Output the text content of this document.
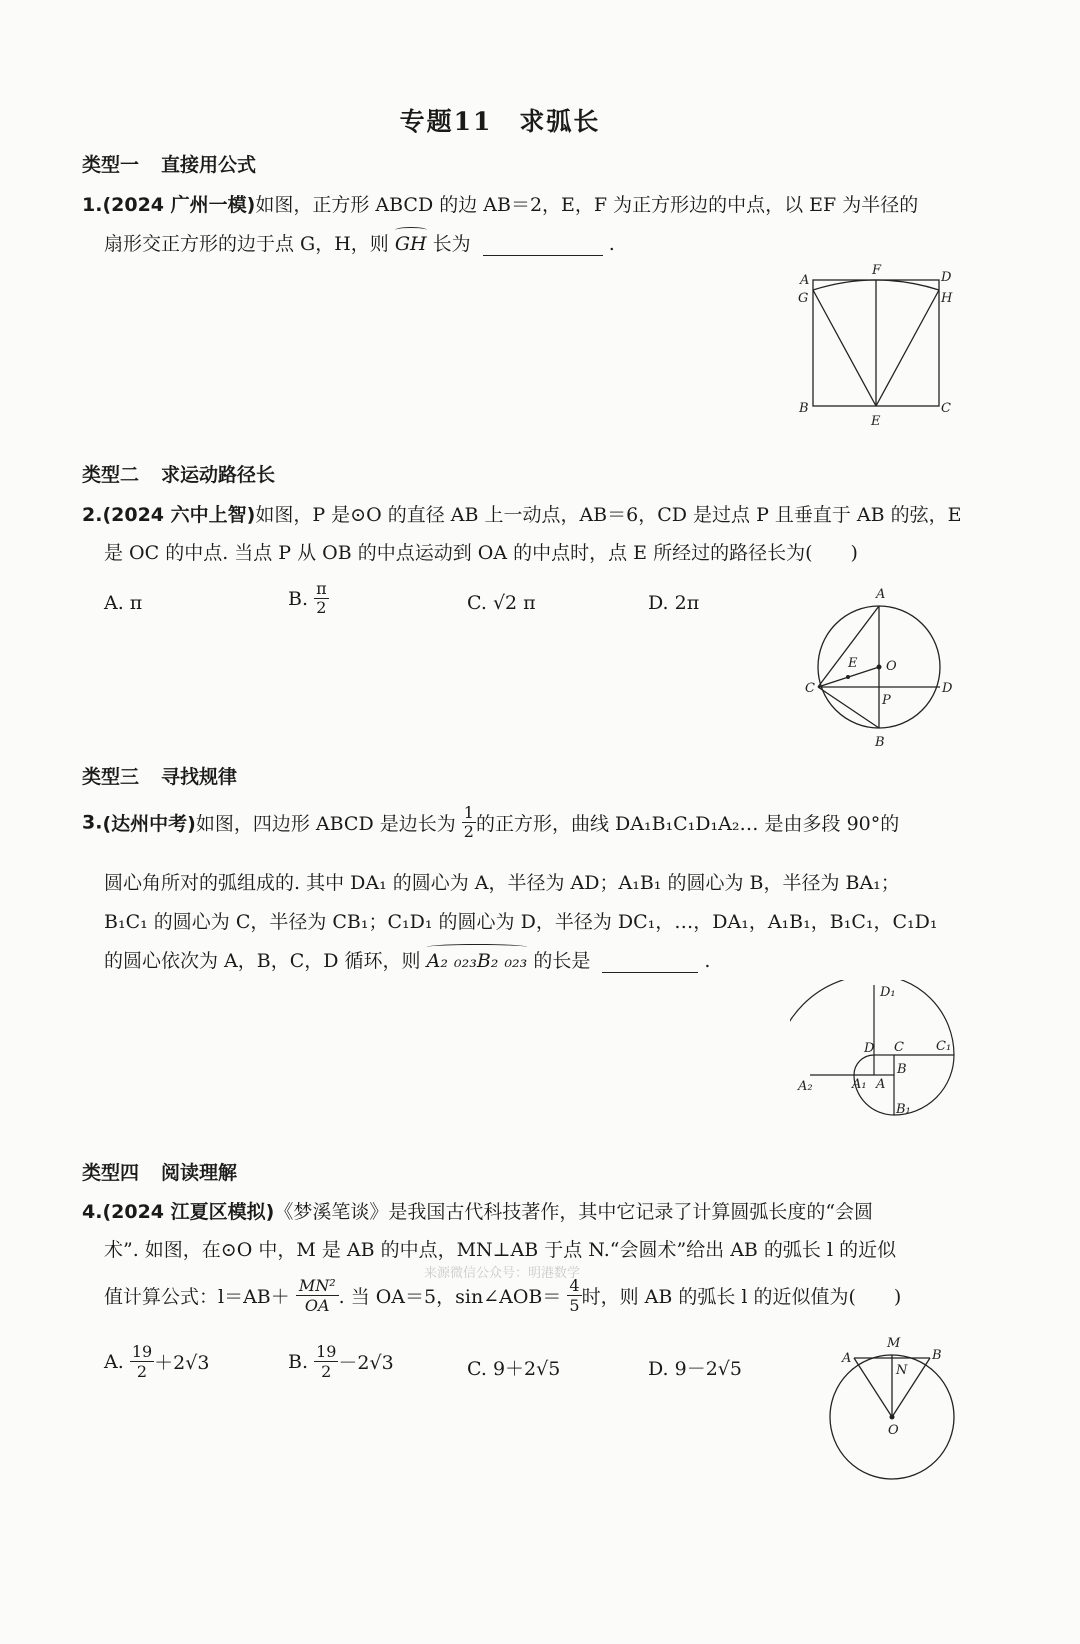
专题11　求弧长
类型一 直接用公式
1.(2024 广州一模)如图，正方形 ABCD 的边 AB＝2，E，F 为正方形边的中点，以 EF 为半径的
扇形交正方形的边于点 G，H，则 GH 长为	.
A
G
F	D
H
B	C
E
类型二 求运动路径长
2.(2024 六中上智)如图，P 是⊙O 的直径 AB 上一动点，AB＝6，CD 是过点 P 且垂直于 AB 的弦，E
是 OC 的中点. 当点 P 从 OB 的中点运动到 OA 的中点时，点 E 所经过的路径长为(　　)
A. π	B. $\frac{\pi}{2}$	C. √2 π	D. 2π	A
O
E
C	D
P
B
类型三 寻找规律
3.(达州中考)如图，四边形 ABCD 是边长为 $\frac{1}{2}$ 的正方形，曲线 DA₁B₁C₁D₁A₂… 是由多段 90°的
圆心角所对的弧组成的. 其中 DA₁ 的圆心为 A，半径为 AD；A₁B₁ 的圆心为 B，半径为 BA₁；
B₁C₁ 的圆心为 C，半径为 CB₁；C₁D₁ 的圆心为 D，半径为 DC₁，…，DA₁，A₁B₁，B₁C₁，C₁D₁
的圆心依次为 A，B，C，D 循环，则 A₂ ₀₂₃B₂ ₀₂₃ 的长是	.
A₂	A₁ A
B
B₁
C C₁
D
D₁
类型四 阅读理解
4.(2024 江夏区模拟)《梦溪笔谈》是我国古代科技著作，其中它记录了计算圆弧长度的“会圆
术”. 如图，在⊙O 中，M 是 AB 的中点，MN⊥AB 于点 N.“会圆术”给出 AB 的弧长 l 的近似
来源微信公众号：明港数学
值计算公式：$l=AB+ \frac{\text{MN²}}{OA}$ . 当 OA＝5，sin∠AOB＝ $\frac{4}{5}$ 时，则 AB 的弧长 l 的近似值为(　　)
A. $\frac{19}{2} +2√3$	B. $\frac{19}{2} -2√3$	C. 9＋2√5	D. 9－2√5	A	B
M
N
O
